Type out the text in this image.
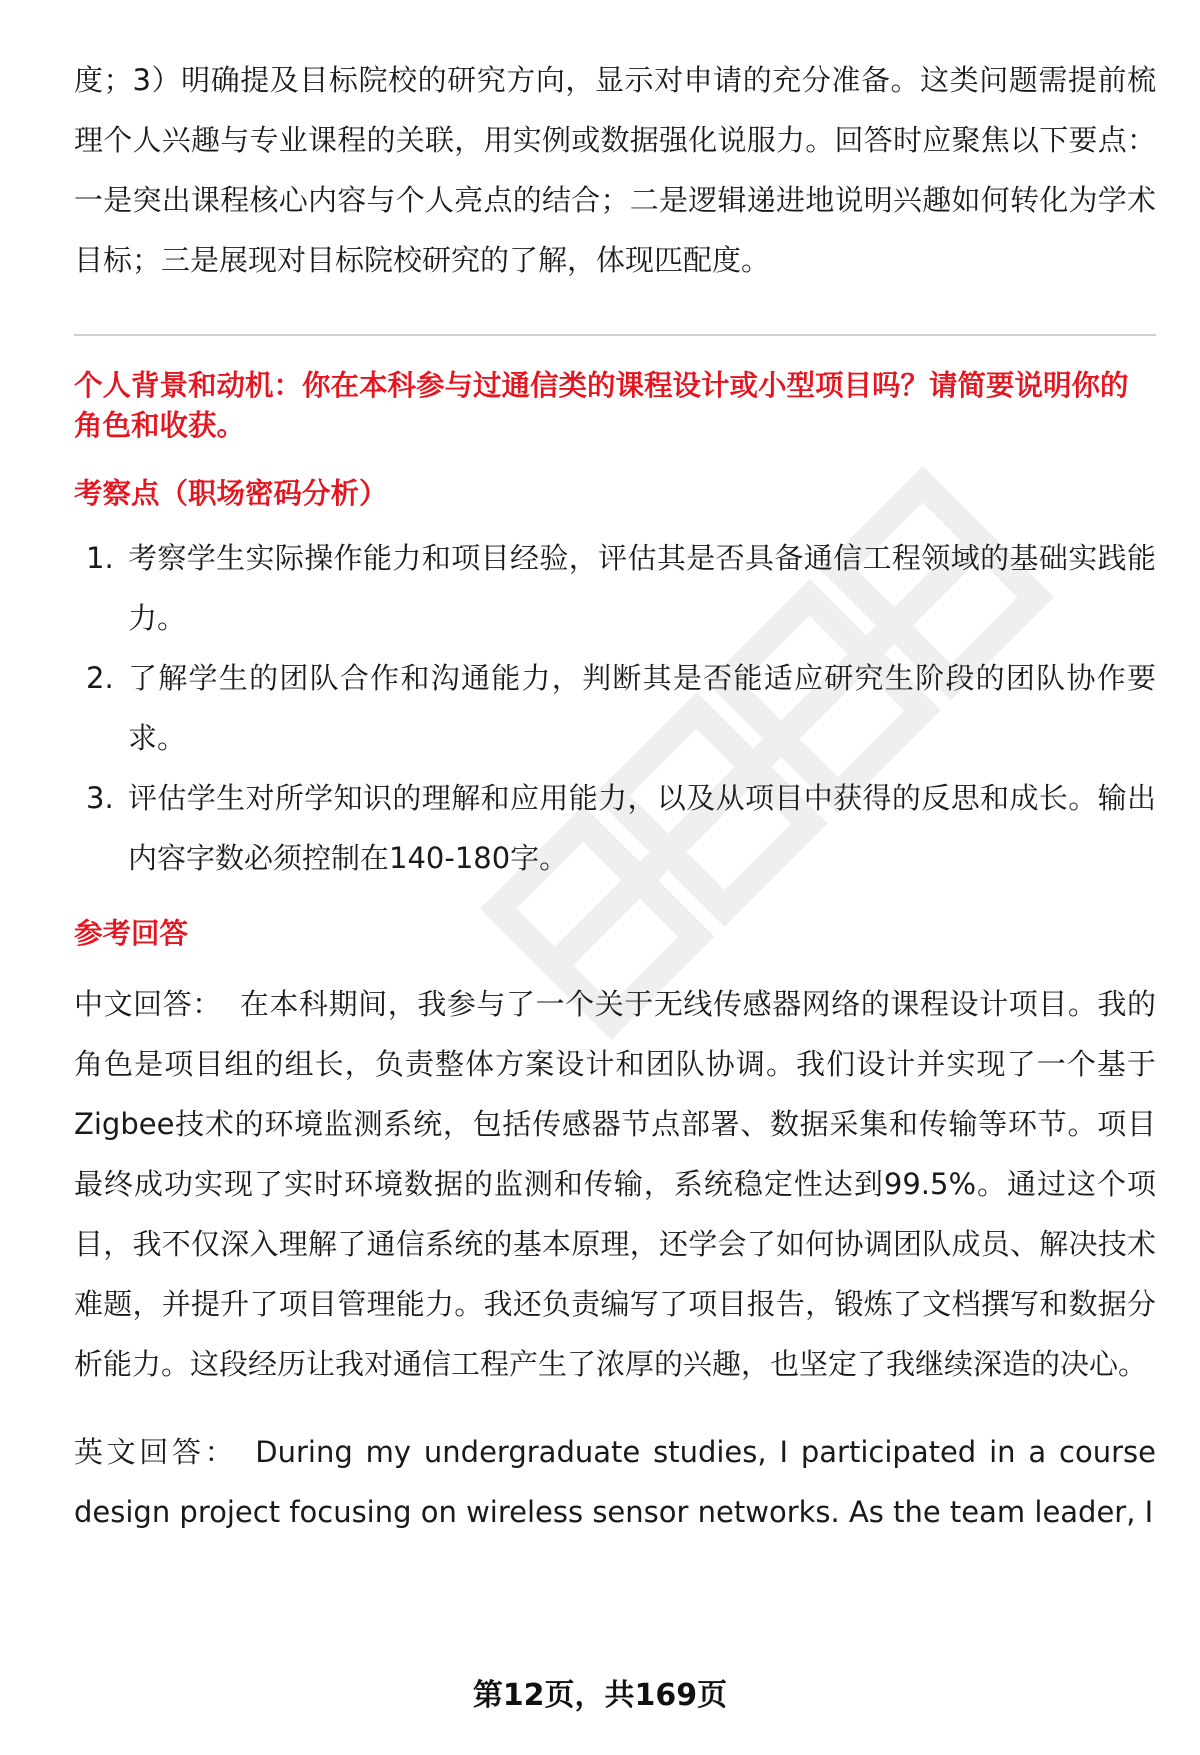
度；3）明确提及目标院校的研究方向，显示对申请的充分准备。这类问题需提前梳理个人兴趣与专业课程的关联，用实例或数据强化说服力。回答时应聚焦以下要点：一是突出课程核心内容与个人亮点的结合；二是逻辑递进地说明兴趣如何转化为学术目标；三是展现对目标院校研究的了解，体现匹配度。

个人背景和动机：你在本科参与过通信类的课程设计或小型项目吗？请简要说明你的角色和收获。

考察点（职场密码分析）
1. 考察学生实际操作能力和项目经验，评估其是否具备通信工程领域的基础实践能力。
2. 了解学生的团队合作和沟通能力，判断其是否能适应研究生阶段的团队协作要求。
3. 评估学生对所学知识的理解和应用能力，以及从项目中获得的反思和成长。输出内容字数必须控制在140-180字。
参考回答

中文回答： 在本科期间，我参与了一个关于无线传感器网络的课程设计项目。我的角色是项目组的组长，负责整体方案设计和团队协调。我们设计并实现了一个基于Zigbee技术的环境监测系统，包括传感器节点部署、数据采集和传输等环节。项目最终成功实现了实时环境数据的监测和传输，系统稳定性达到99.5%。通过这个项目，我不仅深入理解了通信系统的基本原理，还学会了如何协调团队成员、解决技术难题，并提升了项目管理能力。我还负责编写了项目报告，锻炼了文档撰写和数据分析能力。这段经历让我对通信工程产生了浓厚的兴趣，也坚定了我继续深造的决心。

英文回答： During my undergraduate studies, I participated in a course design project focusing on wireless sensor networks. As the team leader, I

第12页，共169页
